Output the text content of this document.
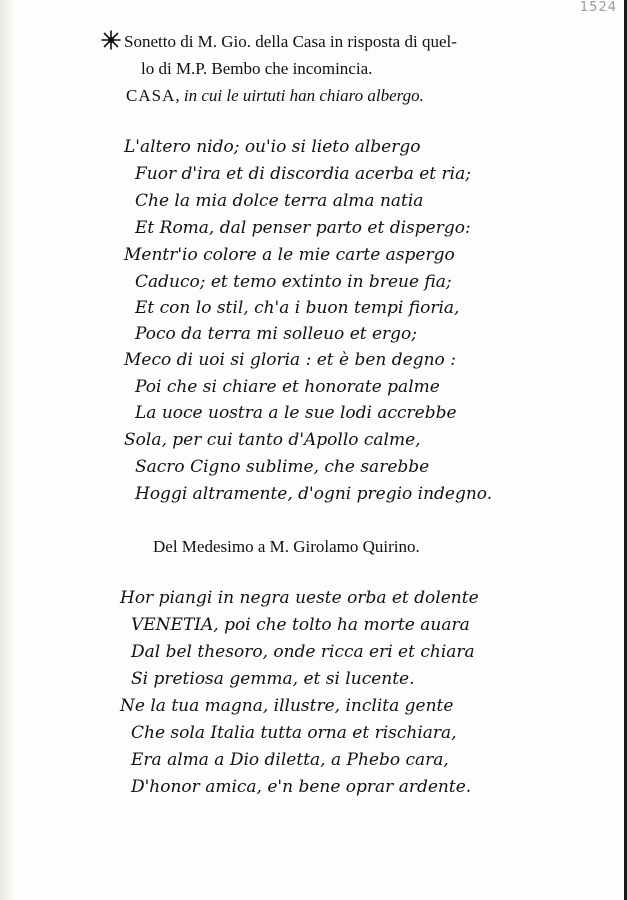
1524
Sonetto di M. Gio. della Casa in risposta di quel-
lo di M.P. Bembo che incomincia.
CASA, in cui le uirtuti han chiaro albergo.
L'altero nido; ou'io si lieto albergo
Fuor d'ira et di discordia acerba et ria;
Che la mia dolce terra alma natia
Et Roma, dal penser parto et dispergo:
Mentr'io colore a le mie carte aspergo
Caduco; et temo extinto in breue fia;
Et con lo stil, ch'a i buon tempi fioria,
Poco da terra mi solleuo et ergo;
Meco di uoi si gloria : et è ben degno :
Poi che si chiare et honorate palme
La uoce uostra a le sue lodi accrebbe
Sola, per cui tanto d'Apollo calme,
Sacro Cigno sublime, che sarebbe
Hoggi altramente, d'ogni pregio indegno.
Del Medesimo a M. Girolamo Quirino.
Hor piangi in negra ueste orba et dolente
VENETIA, poi che tolto ha morte auara
Dal bel thesoro, onde ricca eri et chiara
Si pretiosa gemma, et si lucente.
Ne la tua magna, illustre, inclita gente
Che sola Italia tutta orna et rischiara,
Era alma a Dio diletta, a Phebo cara,
D'honor amica, e'n bene oprar ardente.
